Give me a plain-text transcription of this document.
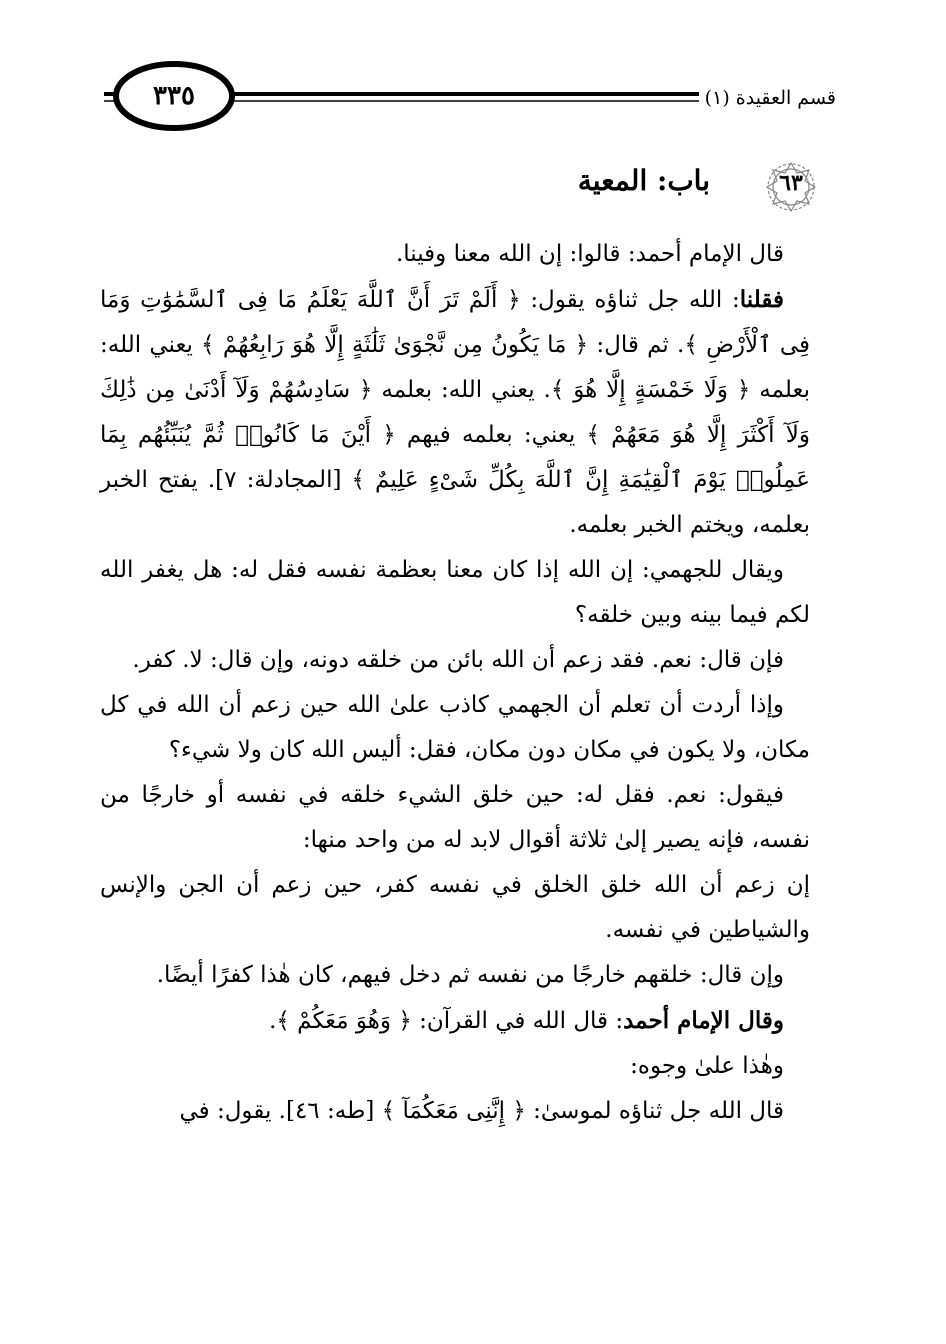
٣٣٥	قسم العقيدة (١)
باب: المعية	٦٣

قال الإمام أحمد: قالوا: إن الله معنا وفينا.

فقلنا: الله جل ثناؤه يقول: ﴿ أَلَمْ تَرَ أَنَّ ٱللَّهَ يَعْلَمُ مَا فِى ٱلسَّمَٰوَٰتِ وَمَا فِى ٱلْأَرْضِ ﴾. ثم قال: ﴿ مَا يَكُونُ مِن نَّجْوَىٰ ثَلَٰثَةٍ إِلَّا هُوَ رَابِعُهُمْ ﴾ يعني الله: بعلمه ﴿ وَلَا خَمْسَةٍ إِلَّا هُوَ ﴾. يعني الله: بعلمه ﴿ سَادِسُهُمْ وَلَآ أَدْنَىٰ مِن ذَٰلِكَ وَلَآ أَكْثَرَ إِلَّا هُوَ مَعَهُمْ ﴾ يعني: بعلمه فيهم ﴿ أَيْنَ مَا كَانُوا۟ ثُمَّ يُنَبِّئُهُم بِمَا عَمِلُوا۟ يَوْمَ ٱلْقِيَٰمَةِ إِنَّ ٱللَّهَ بِكُلِّ شَىْءٍ عَلِيمٌ ﴾ [المجادلة: ٧]. يفتح الخبر بعلمه، ويختم الخبر بعلمه.

ويقال للجهمي: إن الله إذا كان معنا بعظمة نفسه فقل له: هل يغفر الله لكم فيما بينه وبين خلقه؟

فإن قال: نعم. فقد زعم أن الله بائن من خلقه دونه، وإن قال: لا. كفر.

وإذا أردت أن تعلم أن الجهمي كاذب علىٰ الله حين زعم أن الله في كل مكان، ولا يكون في مكان دون مكان، فقل: أليس الله كان ولا شيء؟

فيقول: نعم. فقل له: حين خلق الشيء خلقه في نفسه أو خارجًا من نفسه، فإنه يصير إلىٰ ثلاثة أقوال لابد له من واحد منها:

إن زعم أن الله خلق الخلق في نفسه كفر، حين زعم أن الجن والإنس والشياطين في نفسه.

وإن قال: خلقهم خارجًا من نفسه ثم دخل فيهم، كان هٰذا كفرًا أيضًا.

وقال الإمام أحمد: قال الله في القرآن: ﴿ وَهُوَ مَعَكُمْ ﴾.

وهٰذا علىٰ وجوه:

قال الله جل ثناؤه لموسىٰ: ﴿ إِنَّنِى مَعَكُمَآ ﴾ [طه: ٤٦]. يقول: في
